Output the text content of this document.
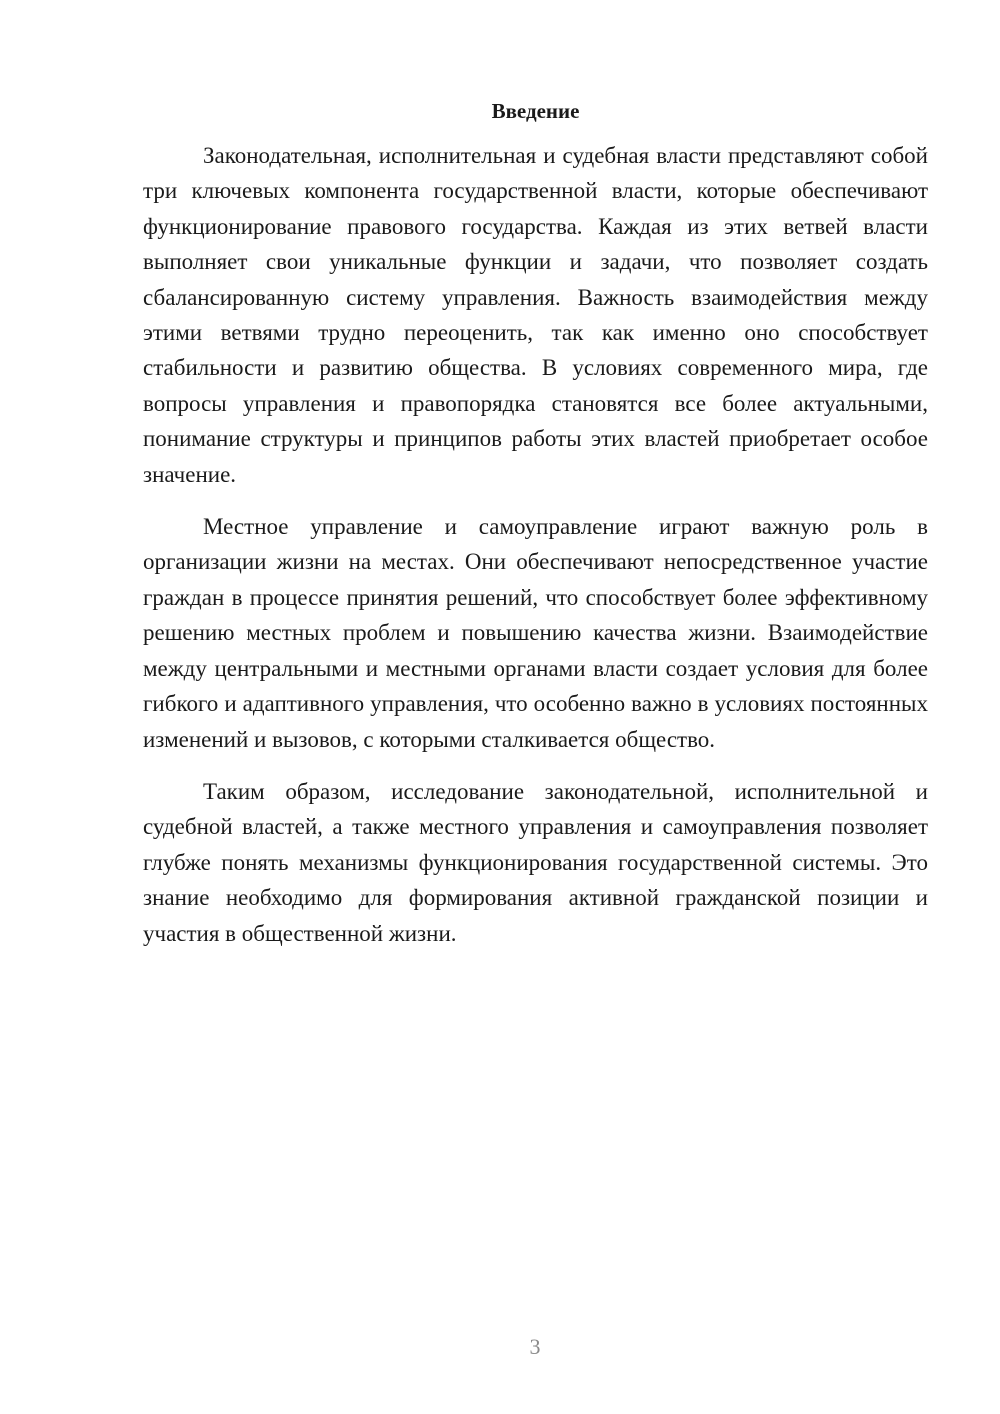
Введение

Законодательная, исполнительная и судебная власти представляют собой три ключевых компонента государственной власти, которые обеспечивают функционирование правового государства. Каждая из этих ветвей власти выполняет свои уникальные функции и задачи, что позволяет создать сбалансированную систему управления. Важность взаимодействия между этими ветвями трудно переоценить, так как именно оно способствует стабильности и развитию общества. В условиях современного мира, где вопросы управления и правопорядка становятся все более актуальными, понимание структуры и принципов работы этих властей приобретает особое значение.

Местное управление и самоуправление играют важную роль в организации жизни на местах. Они обеспечивают непосредственное участие граждан в процессе принятия решений, что способствует более эффективному решению местных проблем и повышению качества жизни. Взаимодействие между центральными и местными органами власти создает условия для более гибкого и адаптивного управления, что особенно важно в условиях постоянных изменений и вызовов, с которыми сталкивается общество.

Таким образом, исследование законодательной, исполнительной и судебной властей, а также местного управления и самоуправления позволяет глубже понять механизмы функционирования государственной системы. Это знание необходимо для формирования активной гражданской позиции и участия в общественной жизни.

3
